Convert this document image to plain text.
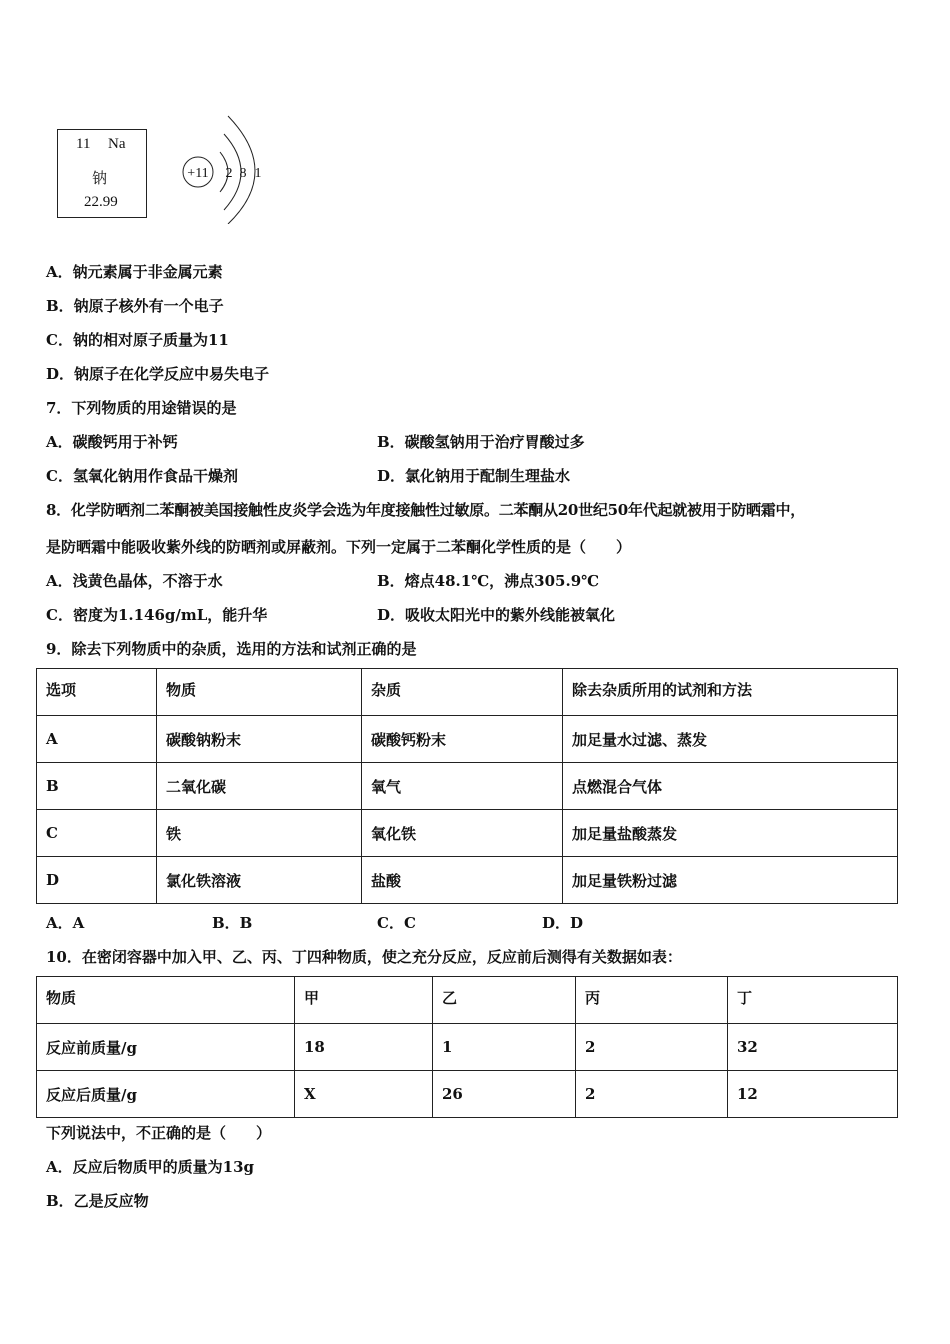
11 Na
钠
22.99
+11 2 8 1
A．钠元素属于非金属元素
B．钠原子核外有一个电子
C．钠的相对原子质量为11
D．钠原子在化学反应中易失电子
7．下列物质的用途错误的是
A．碳酸钙用于补钙	B．碳酸氢钠用于治疗胃酸过多
C．氢氧化钠用作食品干燥剂	D．氯化钠用于配制生理盐水
8．化学防晒剂二苯酮被美国接触性皮炎学会选为年度接触性过敏原。二苯酮从20世纪50年代起就被用于防晒霜中，
是防晒霜中能吸收紫外线的防晒剂或屏蔽剂。下列一定属于二苯酮化学性质的是（　　）
A．浅黄色晶体，不溶于水	B．熔点48.1℃，沸点305.9℃
C．密度为1.146g/mL，能升华	D．吸收太阳光中的紫外线能被氧化
9．除去下列物质中的杂质，选用的方法和试剂正确的是
选项	物质	杂质	除去杂质所用的试剂和方法
A	碳酸钠粉末	碳酸钙粉末	加足量水过滤、蒸发
B	二氧化碳	氧气	点燃混合气体
C	铁	氧化铁	加足量盐酸蒸发
D	氯化铁溶液	盐酸	加足量铁粉过滤
A．A	B．B	C．C	D．D
10．在密闭容器中加入甲、乙、丙、丁四种物质，使之充分反应，反应前后测得有关数据如表：
物质	甲	乙	丙	丁
反应前质量/g	18	1	2	32
反应后质量/g	X	26	2	12
下列说法中，不正确的是（　　）
A．反应后物质甲的质量为13g
B．乙是反应物
